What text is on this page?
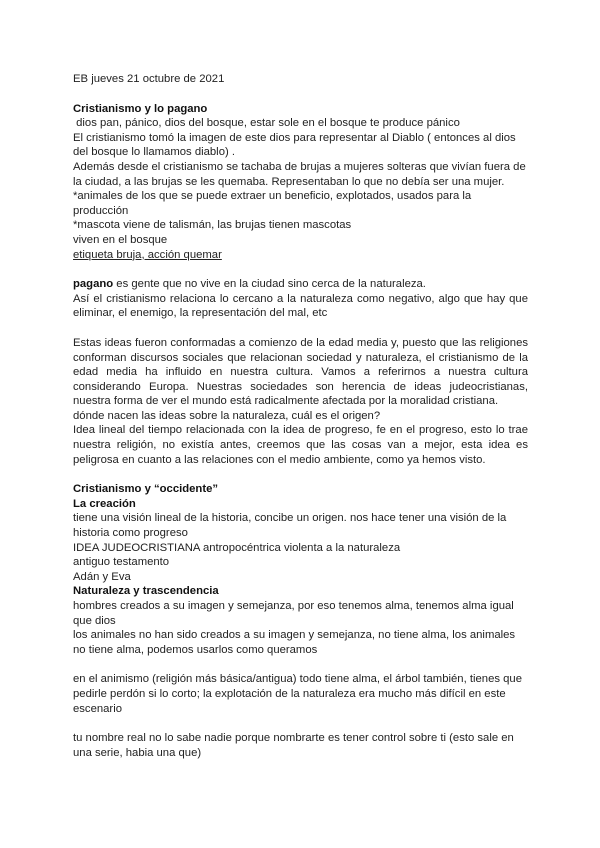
EB jueves 21 octubre de 2021

Cristianismo y lo pagano

dios pan, pánico, dios del bosque, estar sole en el bosque te produce pánico

El cristianismo tomó la imagen de este dios para representar al Diablo ( entonces al dios del bosque lo llamamos diablo) .

Además desde el cristianismo se tachaba de brujas a mujeres solteras que vivían fuera de la ciudad, a las brujas se les quemaba. Representaban lo que no debía ser una mujer.

*animales de los que se puede extraer un beneficio, explotados, usados para la producción

*mascota viene de talismán, las brujas tienen mascotas

viven en el bosque

etiqueta bruja, acción quemar

pagano es gente que no vive en la ciudad sino cerca de la naturaleza.

Así el cristianismo relaciona lo cercano a la naturaleza como negativo, algo que hay que eliminar, el enemigo, la representación del mal, etc

Estas ideas fueron conformadas a comienzo de la edad media y, puesto que las religiones conforman discursos sociales que relacionan sociedad y naturaleza, el cristianismo de la edad media ha influido en nuestra cultura. Vamos a referirnos a nuestra cultura considerando Europa. Nuestras sociedades son herencia de ideas judeocristianas, nuestra forma de ver el mundo está radicalmente afectada por la moralidad cristiana.

dónde nacen las ideas sobre la naturaleza, cuál es el origen?

Idea lineal del tiempo relacionada con la idea de progreso, fe en el progreso, esto lo trae nuestra religión, no existía antes, creemos que las cosas van a mejor, esta idea es peligrosa en cuanto a las relaciones con el medio ambiente, como ya hemos visto.

Cristianismo y “occidente”

La creación

tiene una visión lineal de la historia, concibe un origen. nos hace tener una visión de la historia como progreso

IDEA JUDEOCRISTIANA antropocéntrica violenta a la naturaleza

antiguo testamento

Adán y Eva

Naturaleza y trascendencia

hombres creados a su imagen y semejanza, por eso tenemos alma, tenemos alma igual que dios

los animales no han sido creados a su imagen y semejanza, no tiene alma, los animales no tiene alma, podemos usarlos como queramos

en el animismo (religión más básica/antigua) todo tiene alma, el árbol también, tienes que pedirle perdón si lo corto; la explotación de la naturaleza era mucho más difícil en este escenario

tu nombre real no lo sabe nadie porque nombrarte es tener control sobre ti (esto sale en una serie, habia una que)
